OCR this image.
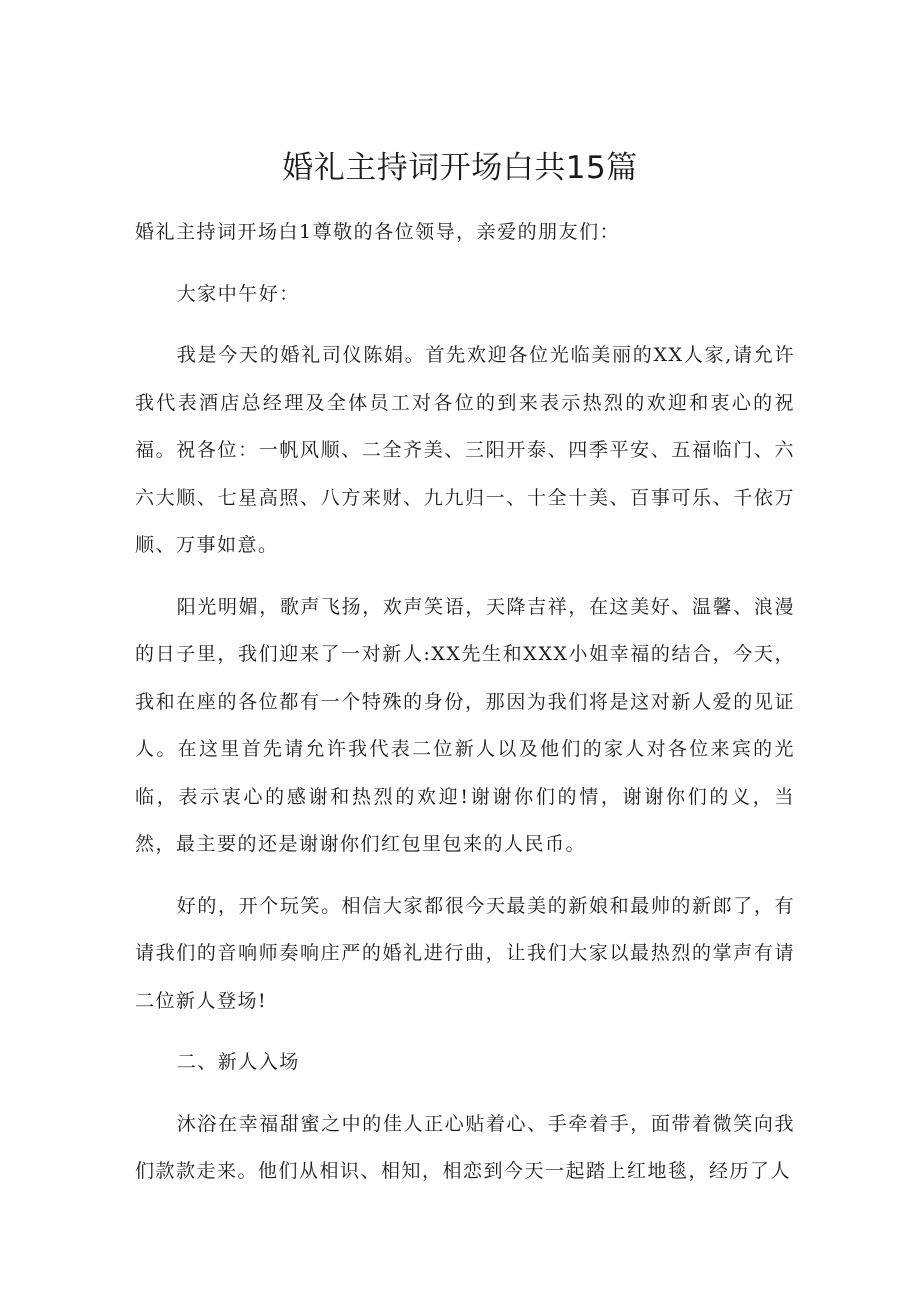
婚礼主持词开场白共15篇

婚礼主持词开场白1尊敬的各位领导，亲爱的朋友们：

大家中午好：

我是今天的婚礼司仪陈娟。首先欢迎各位光临美丽的XX人家,请允许我代表酒店总经理及全体员工对各位的到来表示热烈的欢迎和衷心的祝福。祝各位：一帆风顺、二全齐美、三阳开泰、四季平安、五福临门、六六大顺、七星高照、八方来财、九九归一、十全十美、百事可乐、千依万顺、万事如意。

阳光明媚，歌声飞扬，欢声笑语，天降吉祥，在这美好、温馨、浪漫的日子里，我们迎来了一对新人:XX先生和XXX小姐幸福的结合，今天，我和在座的各位都有一个特殊的身份，那因为我们将是这对新人爱的见证人。在这里首先请允许我代表二位新人以及他们的家人对各位来宾的光临，表示衷心的感谢和热烈的欢迎!谢谢你们的情，谢谢你们的义，当然，最主要的还是谢谢你们红包里包来的人民币。

好的，开个玩笑。相信大家都很今天最美的新娘和最帅的新郎了，有请我们的音响师奏响庄严的婚礼进行曲，让我们大家以最热烈的掌声有请二位新人登场!

二、新人入场

沐浴在幸福甜蜜之中的佳人正心贴着心、手牵着手，面带着微笑向我们款款走来。他们从相识、相知，相恋到今天一起踏上红地毯，经历了人
